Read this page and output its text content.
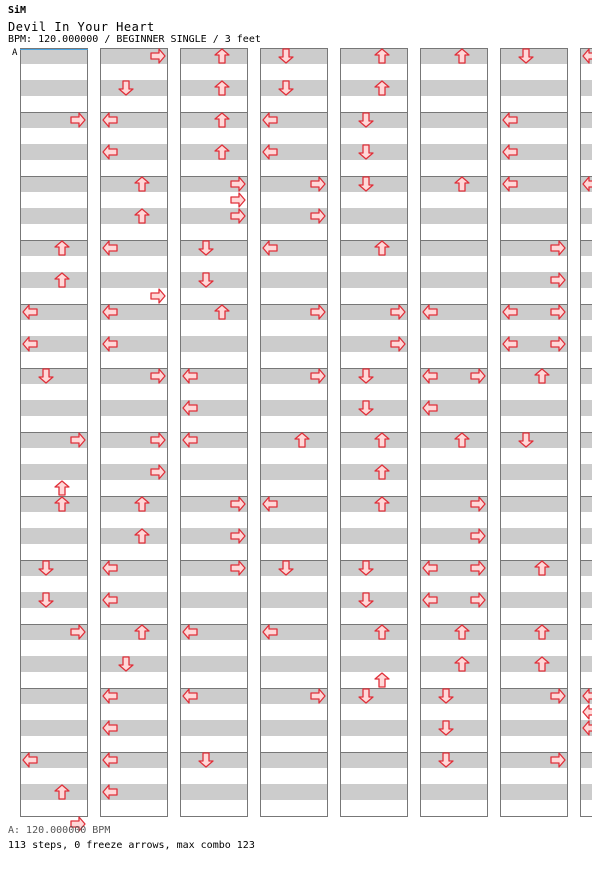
SiM
Devil In Your Heart
BPM: 120.000000 / BEGINNER SINGLE / 3 feet
A
A: 120.000000 BPM
113 steps, 0 freeze arrows, max combo 123
